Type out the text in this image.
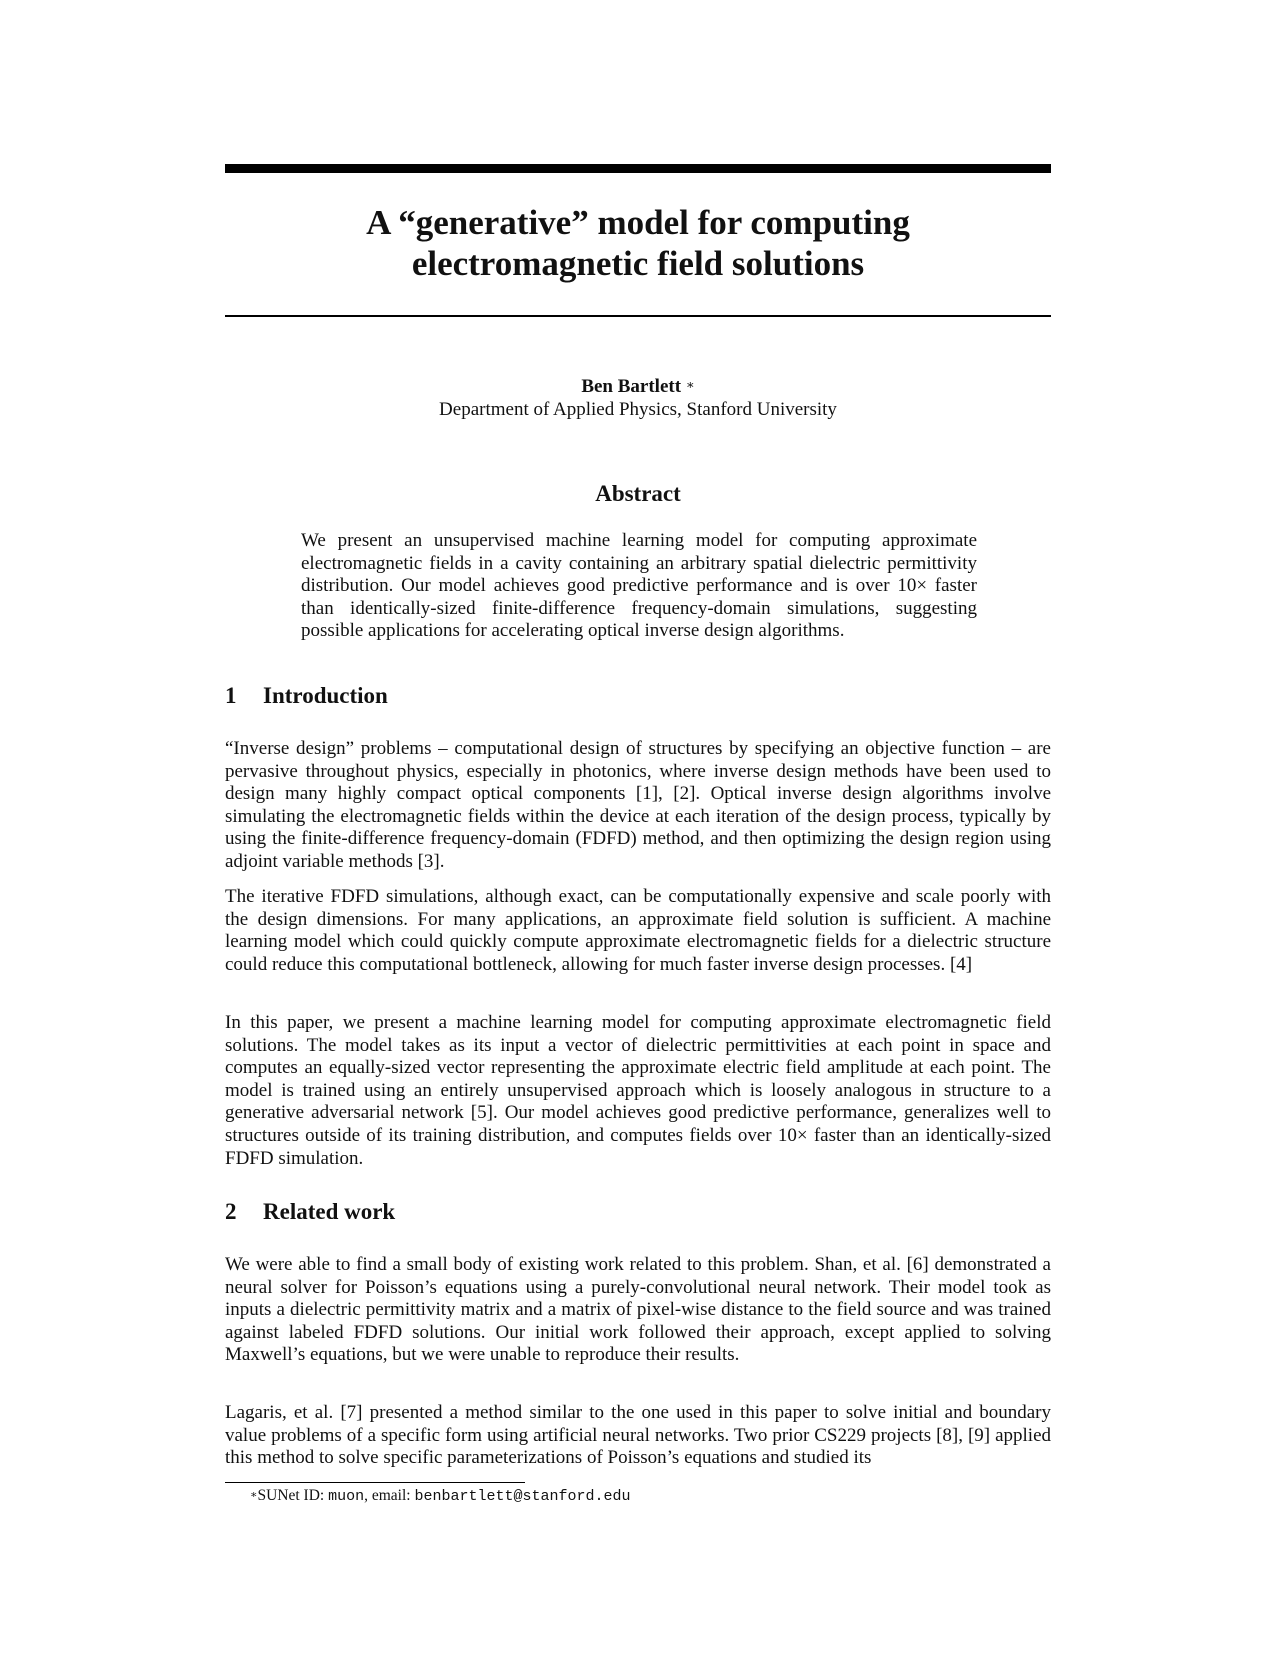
A “generative” model for computing
electromagnetic field solutions
Ben Bartlett ∗
Department of Applied Physics, Stanford University
Abstract

We present an unsupervised machine learning model for computing approximate electromagnetic fields in a cavity containing an arbitrary spatial dielectric permittivity distribution. Our model achieves good predictive performance and is over 10× faster than identically-sized finite-difference frequency-domain simulations, suggesting possible applications for accelerating optical inverse design algorithms.

1 Introduction

“Inverse design” problems – computational design of structures by specifying an objective function – are pervasive throughout physics, especially in photonics, where inverse design methods have been used to design many highly compact optical components [1], [2]. Optical inverse design algorithms involve simulating the electromagnetic fields within the device at each iteration of the design process, typically by using the finite-difference frequency-domain (FDFD) method, and then optimizing the design region using adjoint variable methods [3].

The iterative FDFD simulations, although exact, can be computationally expensive and scale poorly with the design dimensions. For many applications, an approximate field solution is sufficient. A machine learning model which could quickly compute approximate electromagnetic fields for a dielectric structure could reduce this computational bottleneck, allowing for much faster inverse design processes. [4]

In this paper, we present a machine learning model for computing approximate electromagnetic field solutions. The model takes as its input a vector of dielectric permittivities at each point in space and computes an equally-sized vector representing the approximate electric field amplitude at each point. The model is trained using an entirely unsupervised approach which is loosely analogous in structure to a generative adversarial network [5]. Our model achieves good predictive performance, generalizes well to structures outside of its training distribution, and computes fields over 10× faster than an identically-sized FDFD simulation.

2 Related work

We were able to find a small body of existing work related to this problem. Shan, et al. [6] demonstrated a neural solver for Poisson’s equations using a purely-convolutional neural network. Their model took as inputs a dielectric permittivity matrix and a matrix of pixel-wise distance to the field source and was trained against labeled FDFD solutions. Our initial work followed their approach, except applied to solving Maxwell’s equations, but we were unable to reproduce their results.

Lagaris, et al. [7] presented a method similar to the one used in this paper to solve initial and boundary value problems of a specific form using artificial neural networks. Two prior CS229 projects [8], [9] applied this method to solve specific parameterizations of Poisson’s equations and studied its

∗SUNet ID: muon, email: benbartlett@stanford.edu
